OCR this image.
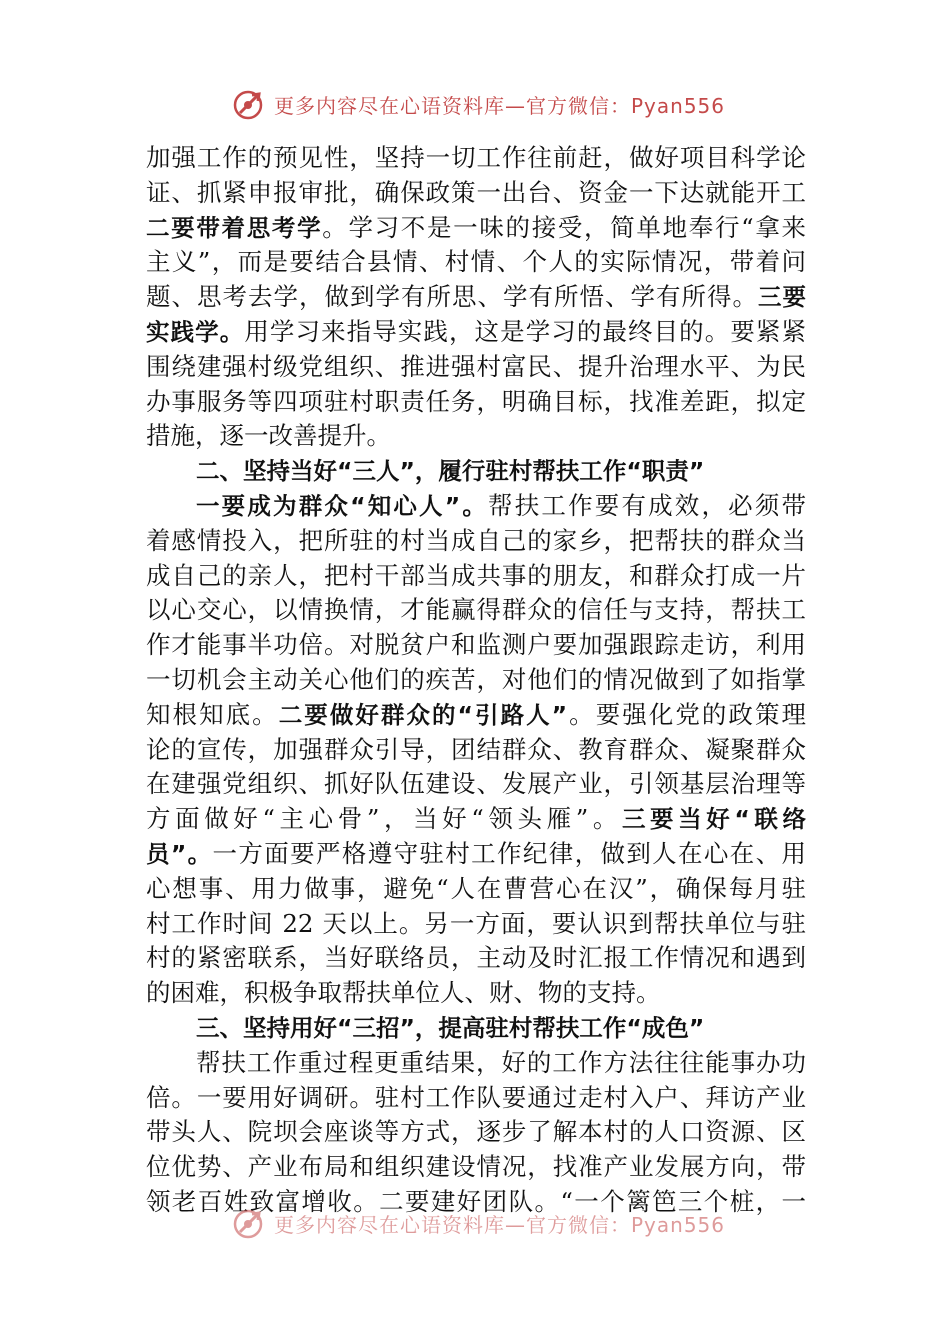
更多内容尽在心语资料库—官方微信：Pyan556
加强工作的预见性，坚持一切工作往前赶，做好项目科学论
证、抓紧申报审批，确保政策一出台、资金一下达就能开工
二要带着思考学。学习不是一味的接受，简单地奉行“拿来
主义”，而是要结合县情、村情、个人的实际情况，带着问
题、思考去学，做到学有所思、学有所悟、学有所得。三要
实践学。用学习来指导实践，这是学习的最终目的。要紧紧
围绕建强村级党组织、推进强村富民、提升治理水平、为民
办事服务等四项驻村职责任务，明确目标，找准差距，拟定
措施，逐一改善提升。
二、坚持当好“三人”，履行驻村帮扶工作“职责”
一要成为群众“知心人”。帮扶工作要有成效，必须带
着感情投入，把所驻的村当成自己的家乡，把帮扶的群众当
成自己的亲人，把村干部当成共事的朋友，和群众打成一片
以心交心，以情换情，才能赢得群众的信任与支持，帮扶工
作才能事半功倍。对脱贫户和监测户要加强跟踪走访，利用
一切机会主动关心他们的疾苦，对他们的情况做到了如指掌
知根知底。二要做好群众的“引路人”。要强化党的政策理
论的宣传，加强群众引导，团结群众、教育群众、凝聚群众
在建强党组织、抓好队伍建设、发展产业，引领基层治理等
方面做好“主心骨”，当好“领头雁”。三要当好“联络
员”。一方面要严格遵守驻村工作纪律，做到人在心在、用
心想事、用力做事，避免“人在曹营心在汉”，确保每月驻
村工作时间 22 天以上。另一方面，要认识到帮扶单位与驻
村的紧密联系，当好联络员，主动及时汇报工作情况和遇到
的困难，积极争取帮扶单位人、财、物的支持。
三、坚持用好“三招”，提高驻村帮扶工作“成色”
帮扶工作重过程更重结果，好的工作方法往往能事办功
倍。一要用好调研。驻村工作队要通过走村入户、拜访产业
带头人、院坝会座谈等方式，逐步了解本村的人口资源、区
位优势、产业布局和组织建设情况，找准产业发展方向，带
领老百姓致富增收。二要建好团队。“一个篱笆三个桩，一
更多内容尽在心语资料库—官方微信：Pyan556
